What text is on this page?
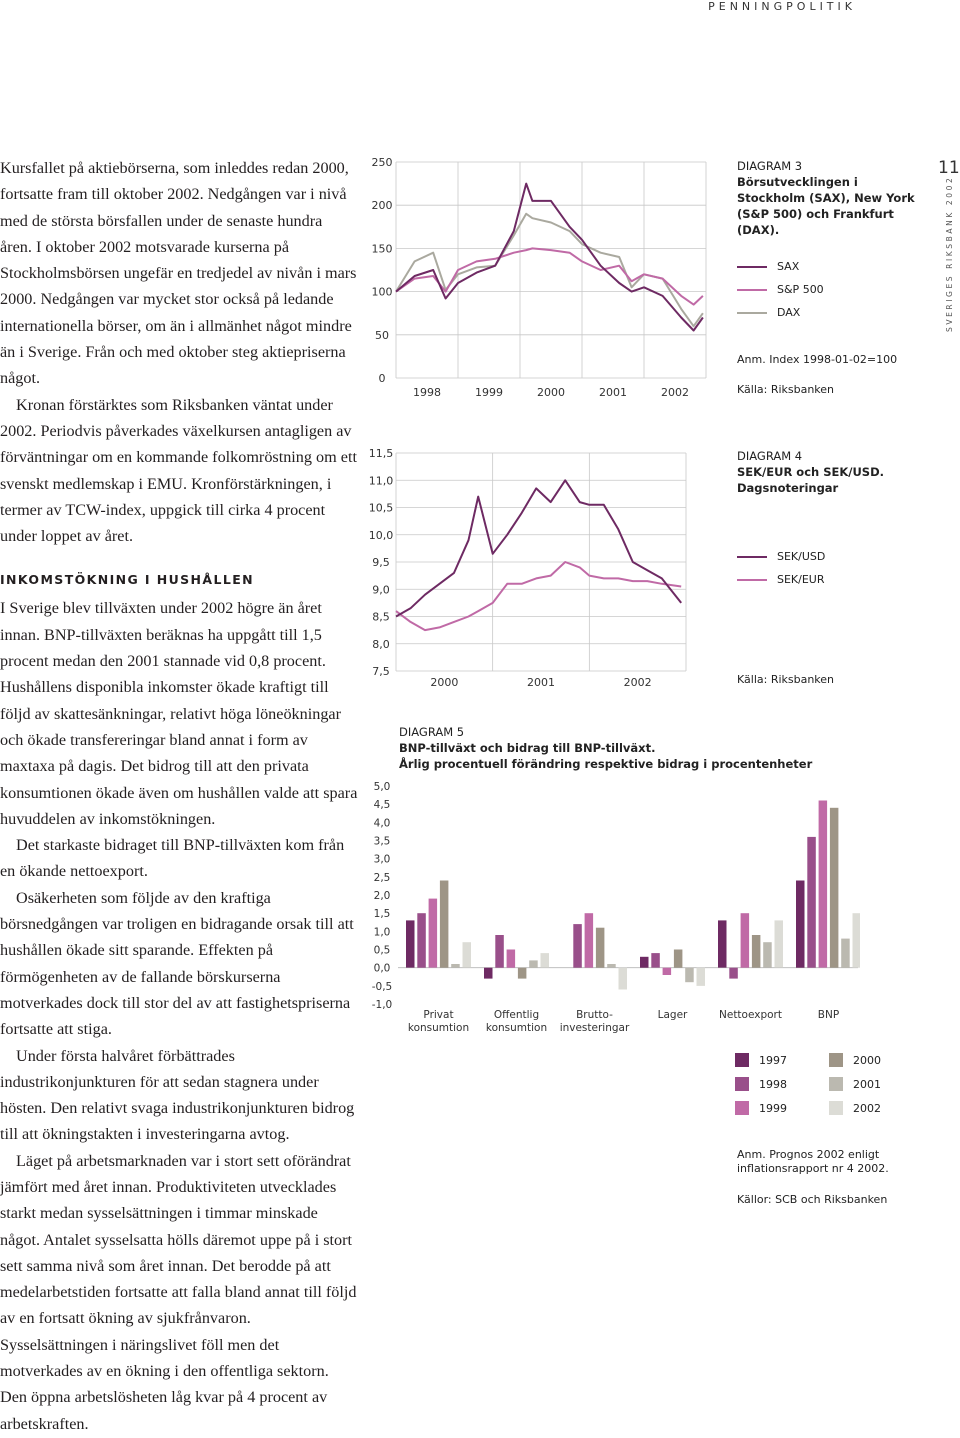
PENNINGPOLITIK
11
SVERIGES RIKSBANK 2002

Kursfallet på aktiebörserna, som inleddes redan 2000, fortsatte fram till oktober 2002. Nedgången var i nivå med de största börsfallen under de senaste hundra åren. I oktober 2002 motsvarade kurserna på Stockholmsbörsen ungefär en tredjedel av nivån i mars 2000. Nedgången var mycket stor också på ledande internationella börser, om än i allmänhet något mindre än i Sverige. Från och med oktober steg aktiepriserna något.

Kronan förstärktes som Riksbanken väntat under 2002. Periodvis påverkades växelkursen antagligen av förväntningar om en kommande folkomröstning om ett svenskt medlemskap i EMU. Kronförstärkningen, i termer av TCW-index, uppgick till cirka 4 procent under loppet av året.

INKOMSTÖKNING I HUSHÅLLEN

I Sverige blev tillväxten under 2002 högre än året innan. BNP-tillväxten beräknas ha uppgått till 1,5 procent medan den 2001 stannade vid 0,8 procent. Hushållens disponibla inkomster ökade kraftigt till följd av skattesänkningar, relativt höga löneökningar och ökade transfereringar bland annat i form av maxtaxa på dagis. Det bidrog till att den privata konsumtionen ökade även om hushållen valde att spara huvuddelen av inkomstökningen.

Det starkaste bidraget till BNP-tillväxten kom från en ökande nettoexport.

Osäkerheten som följde av den kraftiga börsnedgången var troligen en bidragande orsak till att hushållen ökade sitt sparande. Effekten på förmögenheten av de fallande börskurserna motverkades dock till stor del av att fastighetspriserna fortsatte att stiga.

Under första halvåret förbättrades industrikonjunkturen för att sedan stagnera under hösten. Den relativt svaga industrikonjunkturen bidrog till att ökningstakten i investeringarna avtog.

Läget på arbetsmarknaden var i stort sett oförändrat jämfört med året innan. Produktiviteten utvecklades starkt medan sysselsättningen i timmar minskade något. Antalet sysselsatta hölls däremot uppe på i stort sett samma nivå som året innan. Det berodde på att medelarbetstiden fortsatte att falla bland annat till följd av en fortsatt ökning av sjukfrånvaron. Sysselsättningen i näringslivet föll men det motverkades av en ökning i den offentliga sektorn. Den öppna arbetslösheten låg kvar på 4 procent av arbetskraften.

0
50
100
150
200
250
1998	1999	2000	2001	2002
DIAGRAM 3
Börsutvecklingen i Stockholm (SAX), New York (S&P 500) och Frankfurt (DAX).
SAX
S&P 500
DAX
Anm. Index 1998-01-02=100
Källa: Riksbanken
7,5
8,0
8,5
9,0
9,5
10,0
10,5
11,0
11,5
2000	2001	2002
DIAGRAM 4
SEK/EUR och SEK/USD. Dagsnoteringar
SEK/USD
SEK/EUR
Källa: Riksbanken
DIAGRAM 5
BNP-tillväxt och bidrag till BNP-tillväxt.
Årlig procentuell förändring respektive bidrag i procentenheter
-1,0
-0,5
0,0
0,5
1,0
1,5
2,0
2,5
3,0
3,5
4,0
4,5
5,0
Privat
konsumtion
Offentlig
konsumtion
Brutto-
investeringar
Lager	Nettoexport	BNP
1997
1998
1999
2000
2001
2002
Anm. Prognos 2002 enligt inflationsrapport nr 4 2002.
Källor: SCB och Riksbanken
